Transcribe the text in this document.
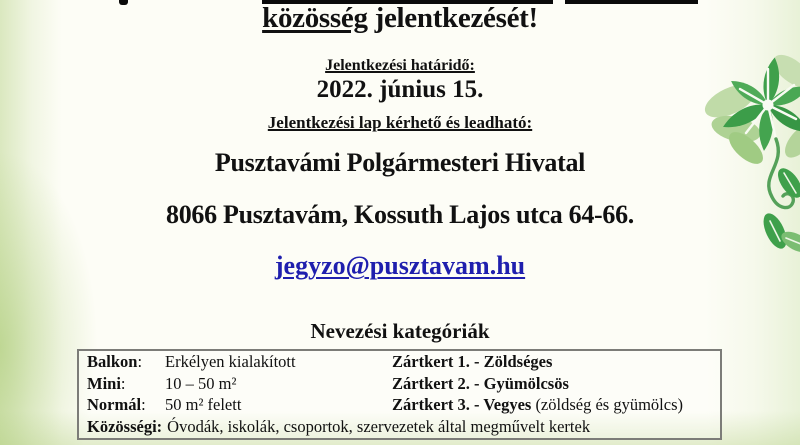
közösség jelentkezését!
Jelentkezési határidő:
2022. június 15.
Jelentkezési lap kérhető és leadható:
Pusztavámi Polgármesteri Hivatal
8066 Pusztavám, Kossuth Lajos utca 64-66.
jegyzo@pusztavam.hu
Nevezési kategóriák
Balkon:	Erkélyen kialakított	Zártkert 1. - Zöldséges
Mini:	10 – 50 m²	Zártkert 2. - Gyümölcsös
Normál:	50 m² felett	Zártkert 3. - Vegyes (zöldség és gyümölcs)
Közösségi: Óvodák, iskolák, csoportok, szervezetek által megművelt kertek
